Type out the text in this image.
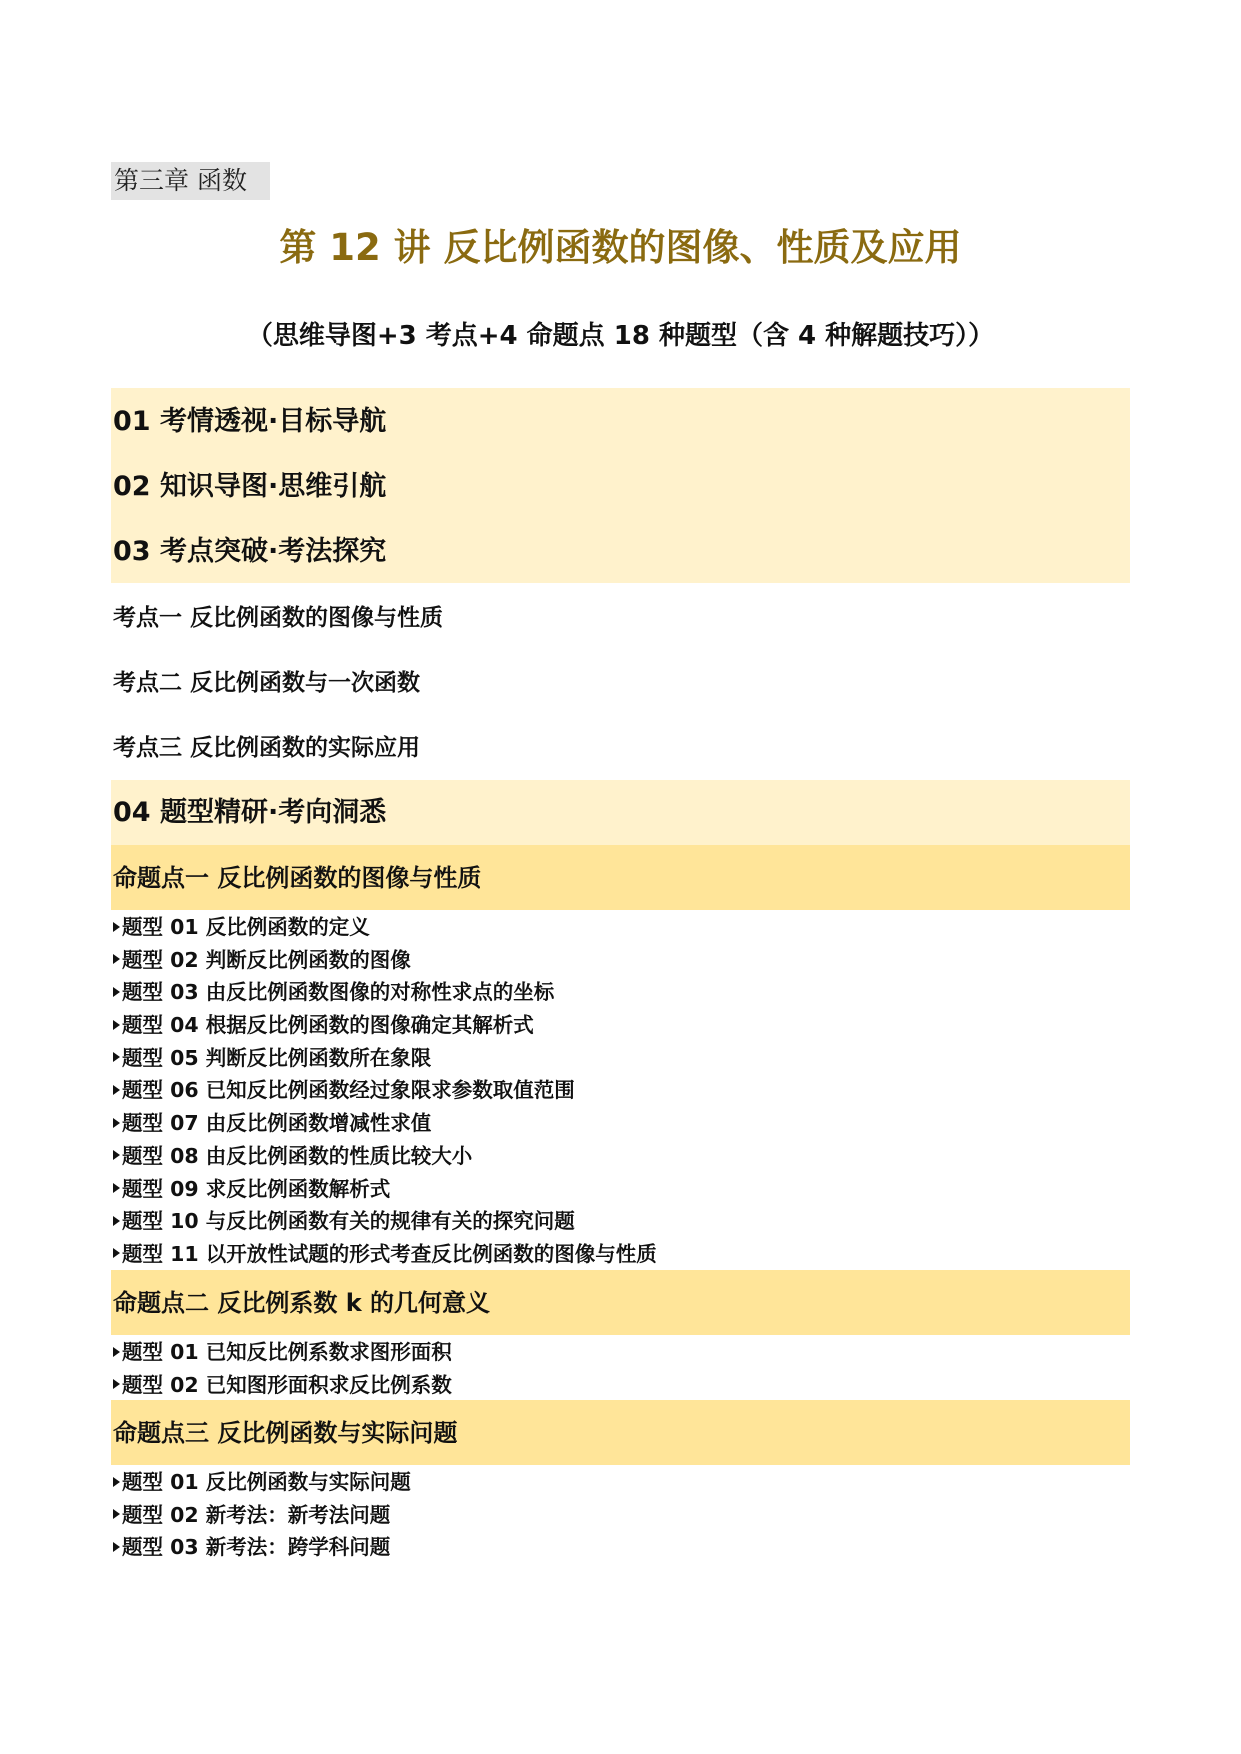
第三章 函数
第 12 讲 反比例函数的图像、性质及应用
（思维导图+3 考点+4 命题点 18 种题型（含 4 种解题技巧））
01 考情透视·目标导航
02 知识导图·思维引航
03 考点突破·考法探究
考点一 反比例函数的图像与性质
考点二 反比例函数与一次函数
考点三 反比例函数的实际应用
04 题型精研·考向洞悉
命题点一 反比例函数的图像与性质
题型 01 反比例函数的定义
题型 02 判断反比例函数的图像
题型 03 由反比例函数图像的对称性求点的坐标
题型 04 根据反比例函数的图像确定其解析式
题型 05 判断反比例函数所在象限
题型 06 已知反比例函数经过象限求参数取值范围
题型 07 由反比例函数增减性求值
题型 08 由反比例函数的性质比较大小
题型 09 求反比例函数解析式
题型 10 与反比例函数有关的规律有关的探究问题
题型 11 以开放性试题的形式考查反比例函数的图像与性质
命题点二 反比例系数 k 的几何意义
题型 01 已知反比例系数求图形面积
题型 02 已知图形面积求反比例系数
命题点三 反比例函数与实际问题
题型 01 反比例函数与实际问题
题型 02 新考法：新考法问题
题型 03 新考法：跨学科问题
